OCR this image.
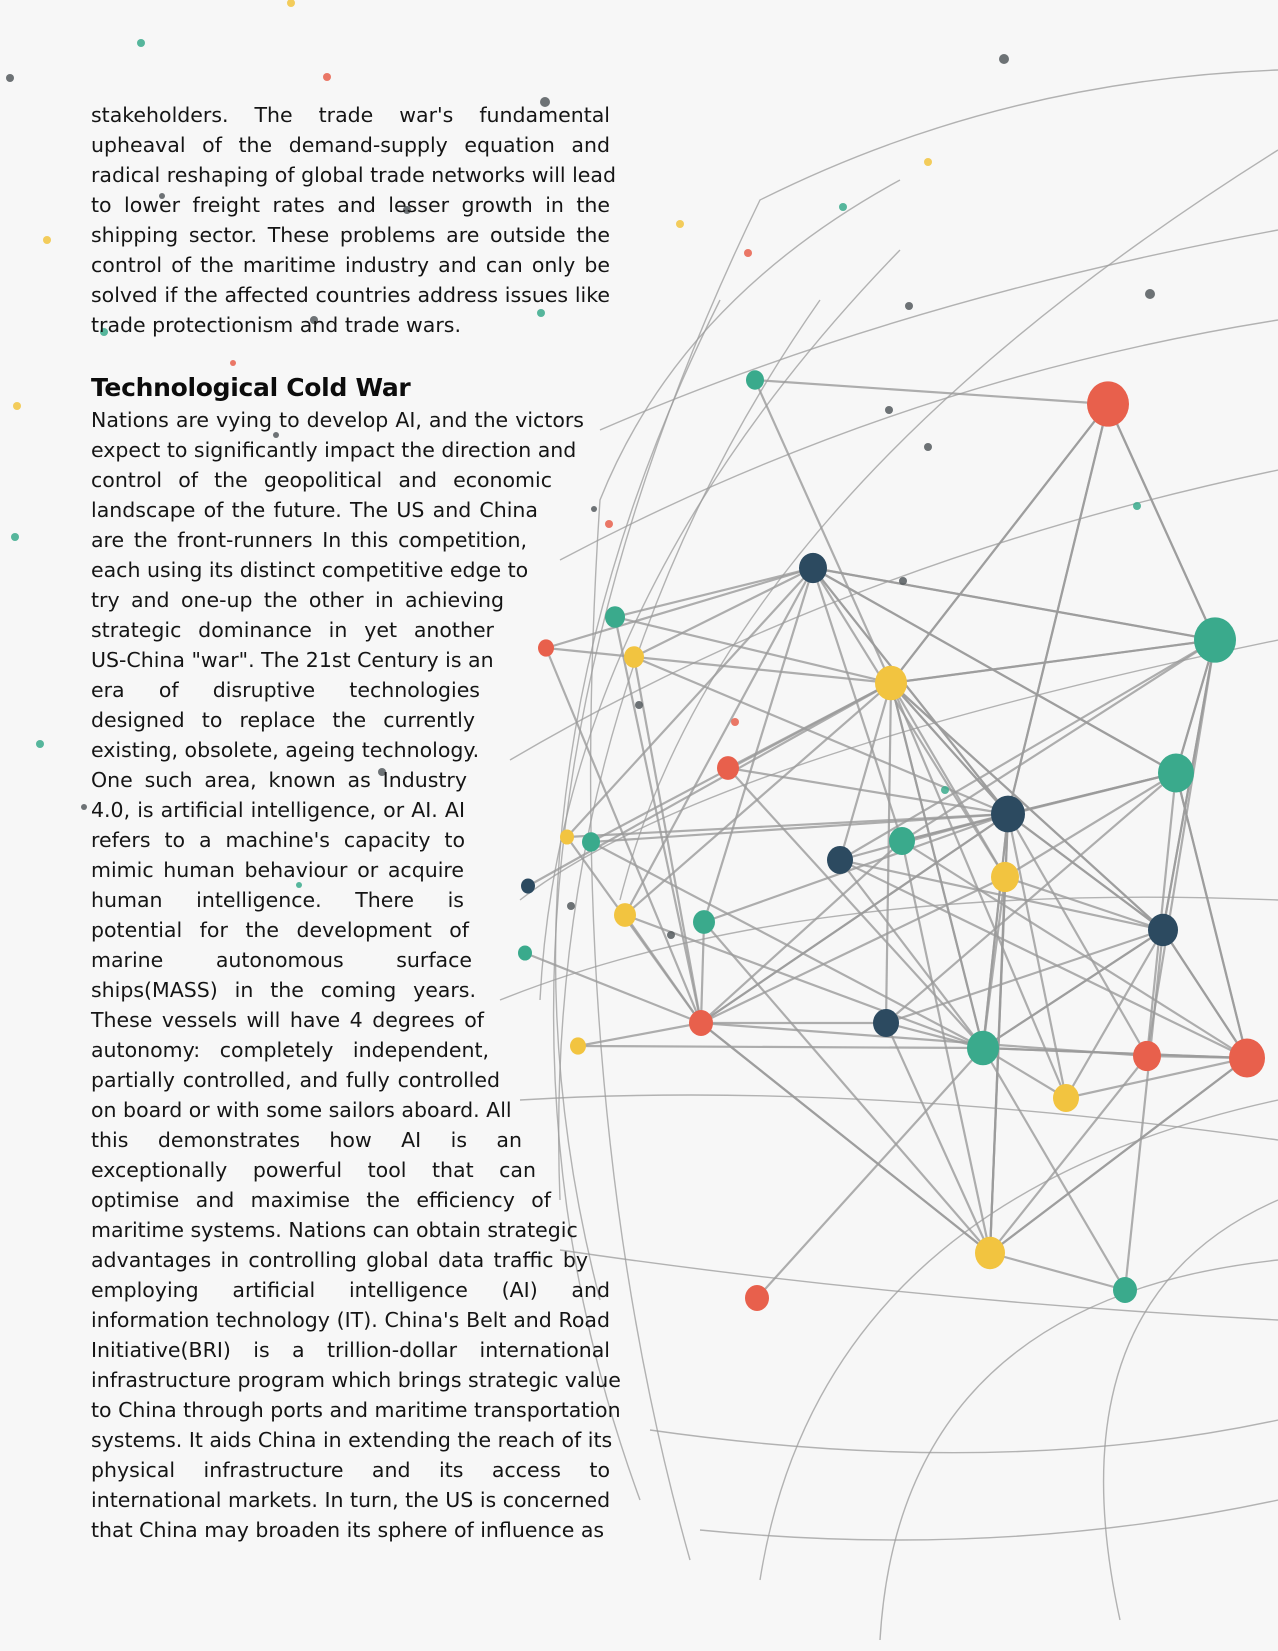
stakeholders. The trade war's fundamental
upheaval of the demand-supply equation and
radical reshaping of global trade networks will lead
to lower freight rates and lesser growth in the
shipping sector. These problems are outside the
control of the maritime industry and can only be
solved if the affected countries address issues like
trade protectionism and trade wars.
Technological Cold War
Nations are vying to develop AI, and the victors
expect to significantly impact the direction and
control of the geopolitical and economic
landscape of the future. The US and China
are the front-runners In this competition,
each using its distinct competitive edge to
try and one-up the other in achieving
strategic dominance in yet another
US-China "war". The 21st Century is an
era of disruptive technologies
designed to replace the currently
existing, obsolete, ageing technology.
One such area, known as Industry
4.0, is artificial intelligence, or AI. AI
refers to a machine's capacity to
mimic human behaviour or acquire
human intelligence. There is
potential for the development of
marine autonomous surface
ships(MASS) in the coming years.
These vessels will have 4 degrees of
autonomy: completely independent,
partially controlled, and fully controlled
on board or with some sailors aboard. All
this demonstrates how AI is an
exceptionally powerful tool that can
optimise and maximise the efficiency of
maritime systems. Nations can obtain strategic
advantages in controlling global data traffic by
employing artificial intelligence (AI) and
information technology (IT). China's Belt and Road
Initiative(BRI) is a trillion-dollar international
infrastructure program which brings strategic value
to China through ports and maritime transportation
systems. It aids China in extending the reach of its
physical infrastructure and its access to
international markets. In turn, the US is concerned
that China may broaden its sphere of influence as
